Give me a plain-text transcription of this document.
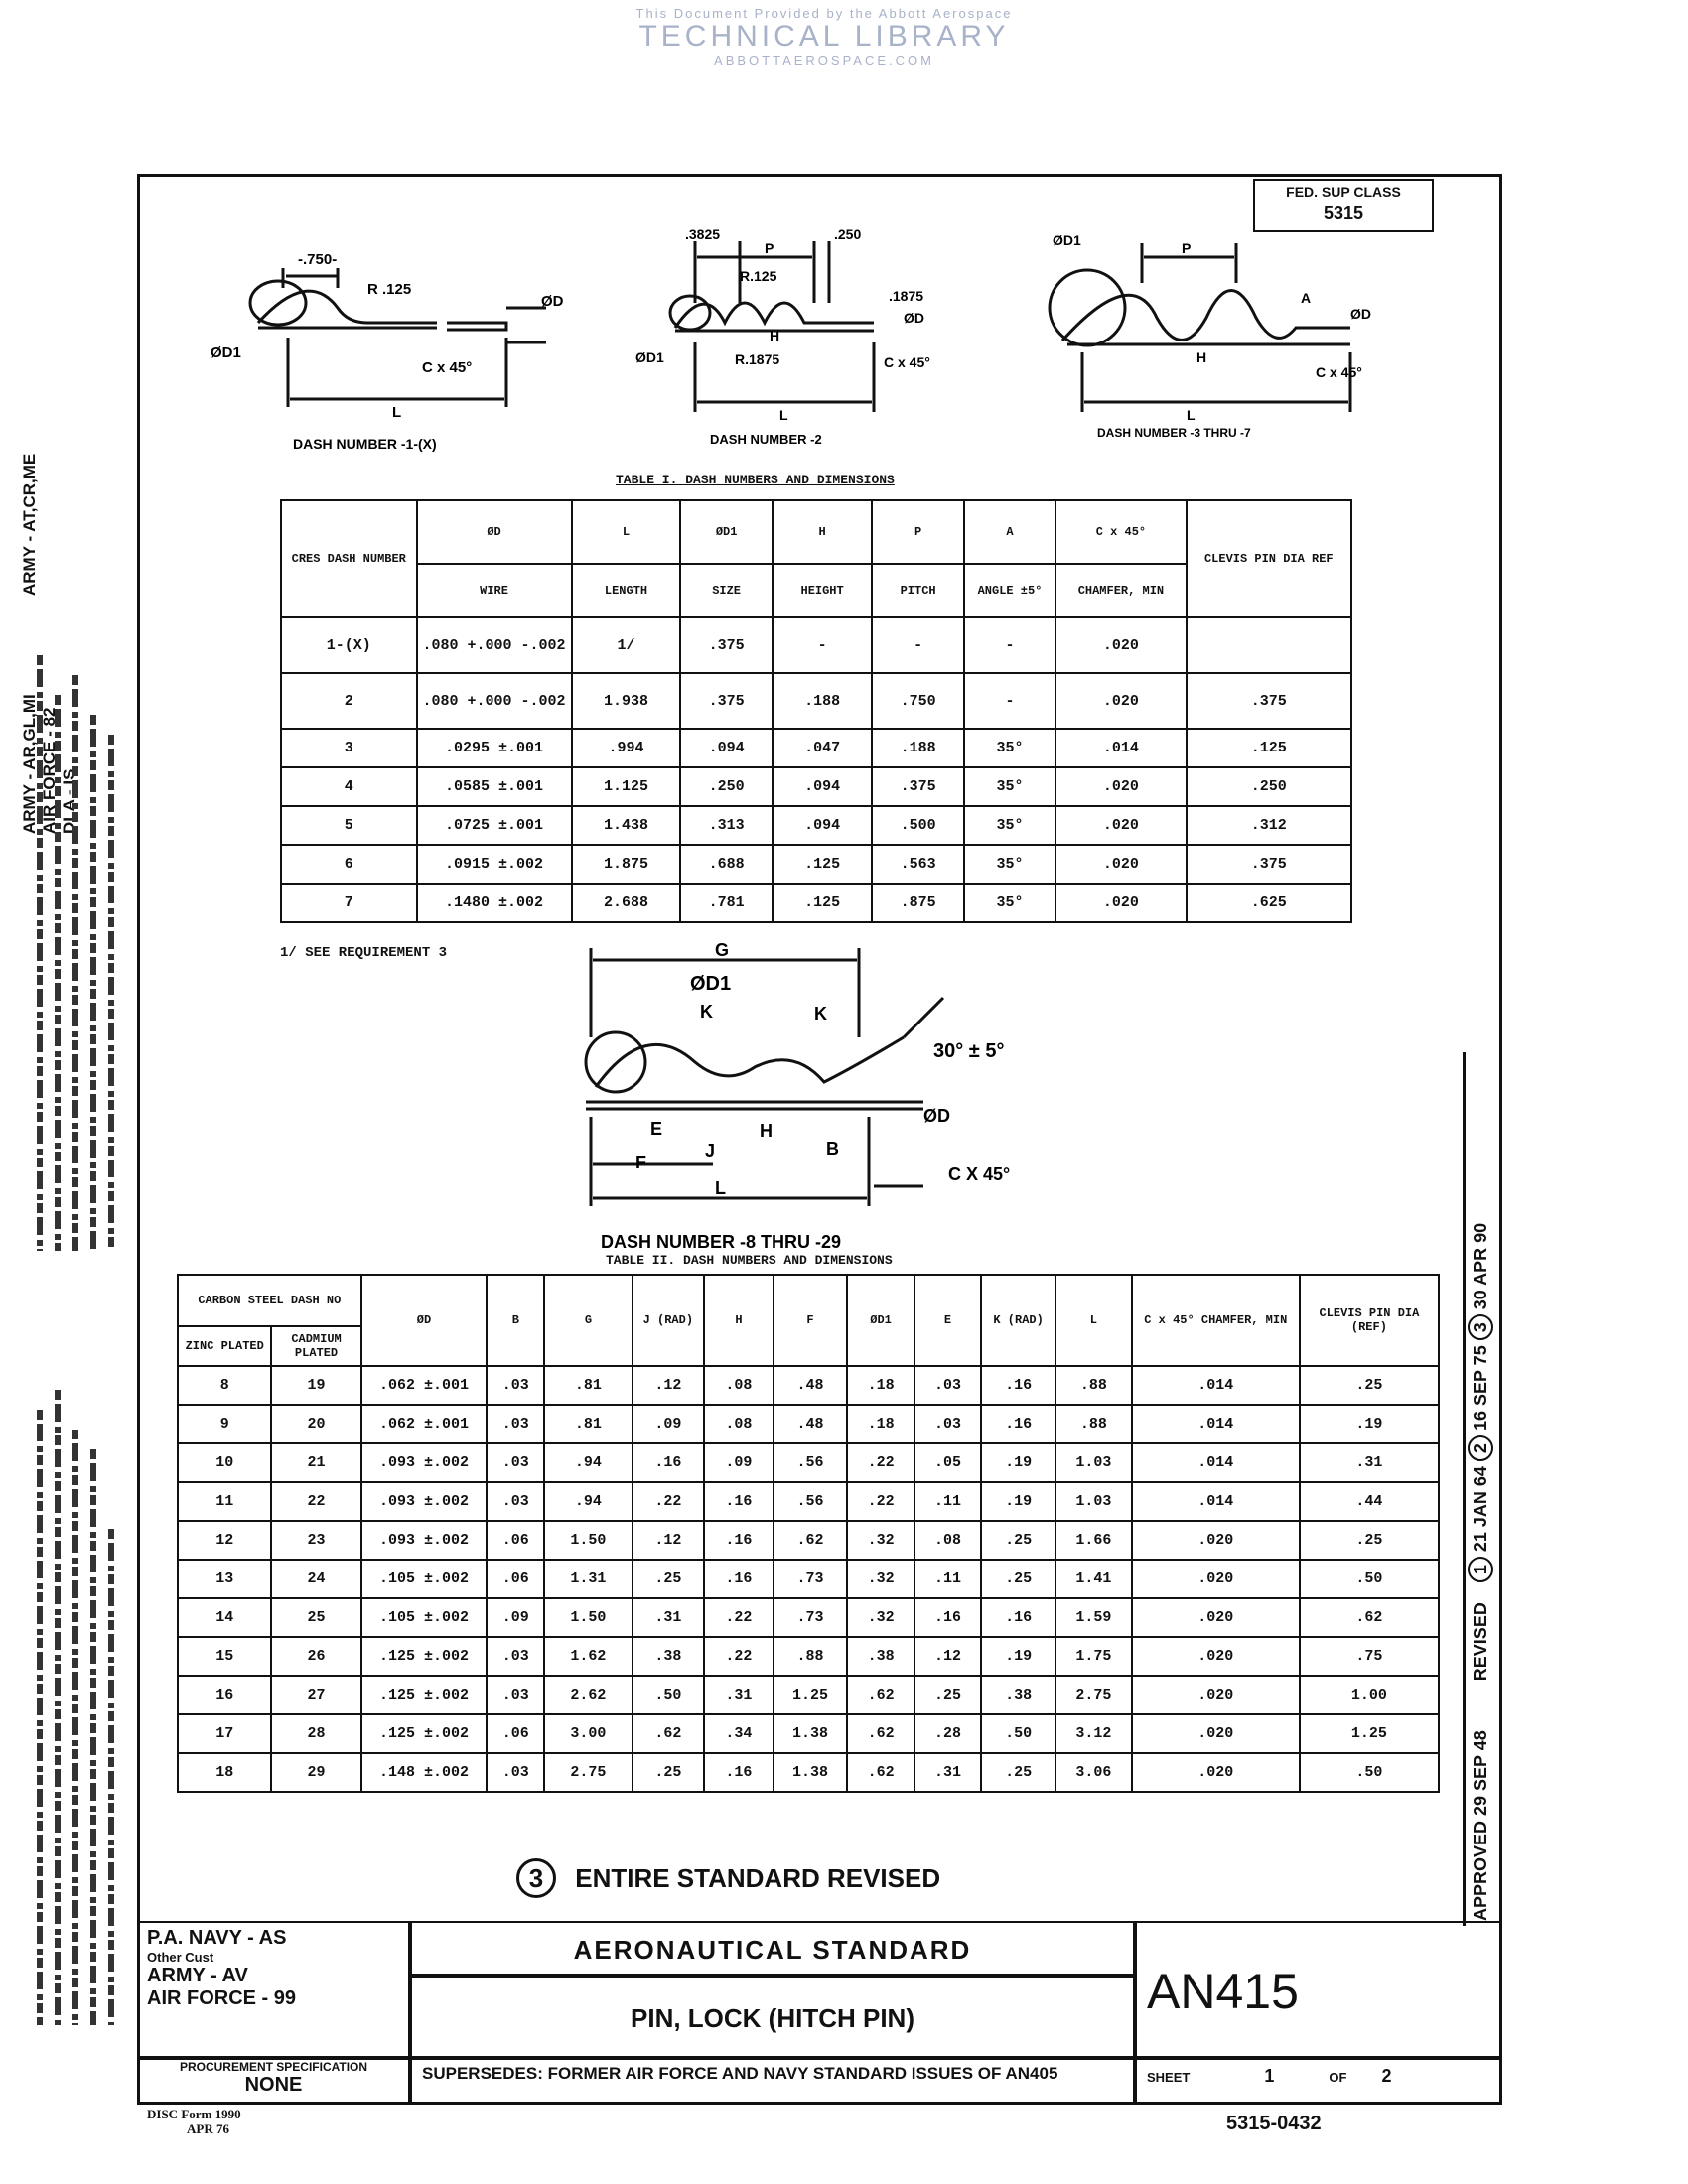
This Document Provided by the Abbott Aerospace
TECHNICAL LIBRARY
ABBOTTAEROSPACE.COM
ARMY - AT,CR,ME
ARMY - AR,GL,MI AIR FORCE - 82 DLA - IS
FED. SUP CLASS
5315
-.750-
R .125
ØD
ØD1
C x 45°
L
DASH NUMBER -1-(X)
.3825
P
.250
R.125
.1875
ØD
H
R.1875	C x 45°
ØD1
L
DASH NUMBER -2
ØD1	P
A
ØD
H
C x 45°
L
DASH NUMBER -3 THRU -7
TABLE I. DASH NUMBERS AND DIMENSIONS
CRES DASH NUMBER	ØD	L	ØD1	H	P	A	C x 45°	CLEVIS PIN DIA REF
	WIRE	LENGTH	SIZE	HEIGHT	PITCH	ANGLE ±5°	CHAMFER, MIN	
1-(X)	.080 +.000 -.002	1/	.375	-	-	-	.020	
2	.080 +.000 -.002	1.938	.375	.188	.750	-	.020	.375
3	.0295 ±.001	.994	.094	.047	.188	35°	.014	.125
4	.0585 ±.001	1.125	.250	.094	.375	35°	.020	.250
5	.0725 ±.001	1.438	.313	.094	.500	35°	.020	.312
6	.0915 ±.002	1.875	.688	.125	.563	35°	.020	.375
7	.1480 ±.002	2.688	.781	.125	.875	35°	.020	.625
1/ SEE REQUIREMENT 3	G
ØD1
K	K
30° ± 5°
E
J
H
B
ØD
F
L
C X 45°
DASH NUMBER -8 THRU -29
TABLE II. DASH NUMBERS AND DIMENSIONS
CARBON STEEL DASH NO		ØD	B	G	J (RAD)	H	F	ØD1	E	K (RAD)	L	C x 45° CHAMFER, MIN	CLEVIS PIN DIA (REF)
ZINC PLATED	CADMIUM PLATED												
8	19	.062 ±.001	.03	.81	.12	.08	.48	.18	.03	.16	.88	.014	.25
9	20	.062 ±.001	.03	.81	.09	.08	.48	.18	.03	.16	.88	.014	.19
10	21	.093 ±.002	.03	.94	.16	.09	.56	.22	.05	.19	1.03	.014	.31
11	22	.093 ±.002	.03	.94	.22	.16	.56	.22	.11	.19	1.03	.014	.44
12	23	.093 ±.002	.06	1.50	.12	.16	.62	.32	.08	.25	1.66	.020	.25
13	24	.105 ±.002	.06	1.31	.25	.16	.73	.32	.11	.25	1.41	.020	.50
14	25	.105 ±.002	.09	1.50	.31	.22	.73	.32	.16	.16	1.59	.020	.62
15	26	.125 ±.002	.03	1.62	.38	.22	.88	.38	.12	.19	1.75	.020	.75
16	27	.125 ±.002	.03	2.62	.50	.31	1.25	.62	.25	.38	2.75	.020	1.00
17	28	.125 ±.002	.06	3.00	.62	.34	1.38	.62	.28	.50	3.12	.020	1.25
18	29	.148 ±.002	.03	2.75	.25	.16	1.38	.62	.31	.25	3.06	.020	.50
3 ENTIRE STANDARD REVISED	APPROVED 29 SEP 48  REVISED  1 21 JAN 64 2 16 SEP 75 3 30 APR 90
P.A. NAVY - AS
Other Cust
ARMY - AV
AIR FORCE - 99
AERONAUTICAL STANDARD
PIN, LOCK (HITCH PIN)	AN415
PROCUREMENT SPECIFICATION
NONE
SUPERSEDES: FORMER AIR FORCE AND NAVY STANDARD ISSUES OF AN405	SHEET	1	OF 2
DISC Form 1990
APR 76	5315-0432
